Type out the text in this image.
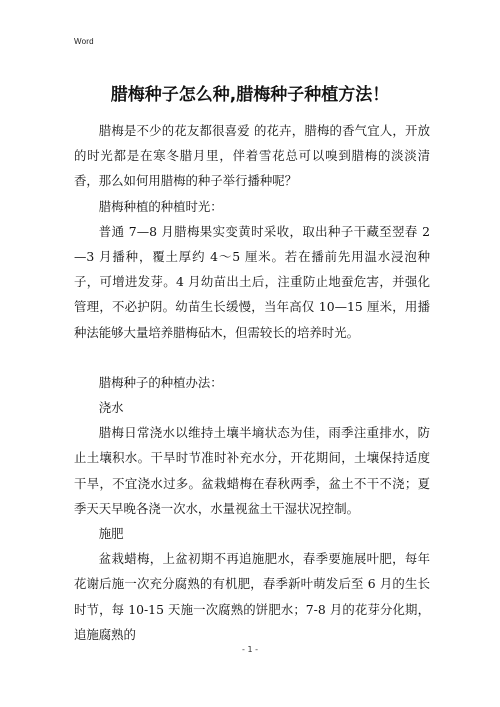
Word
腊梅种子怎么种,腊梅种子种植方法！

腊梅是不少的花友都很喜爱 的花卉，腊梅的香气宜人，开放的时光都是在寒冬腊月里，伴着雪花总可以嗅到腊梅的淡淡清香，那么如何用腊梅的种子举行播种呢？

腊梅种植的种植时光：

普通 7—8 月腊梅果实变黄时采收，取出种子干藏至翌春 2—3 月播种，覆土厚约 4～5 厘米。若在播前先用温水浸泡种子，可增进发芽。4 月幼苗出土后，注重防止地蚕危害，并强化管理，不必护阴。幼苗生长缓慢，当年高仅 10—15 厘米，用播种法能够大量培养腊梅砧木，但需较长的培养时光。

腊梅种子的种植办法：

浇水

腊梅日常浇水以维持土壤半墒状态为佳，雨季注重排水，防止土壤积水。干旱时节准时补充水分，开花期间，土壤保持适度干旱，不宜浇水过多。盆栽蜡梅在春秋两季，盆土不干不浇；夏季天天早晚各浇一次水，水量视盆土干湿状况控制。

施肥

盆栽蜡梅，上盆初期不再追施肥水，春季要施展叶肥，每年花谢后施一次充分腐熟的有机肥，春季新叶萌发后至 6 月的生长时节，每 10-15 天施一次腐熟的饼肥水；7-8 月的花芽分化期，追施腐熟的

- 1 -
